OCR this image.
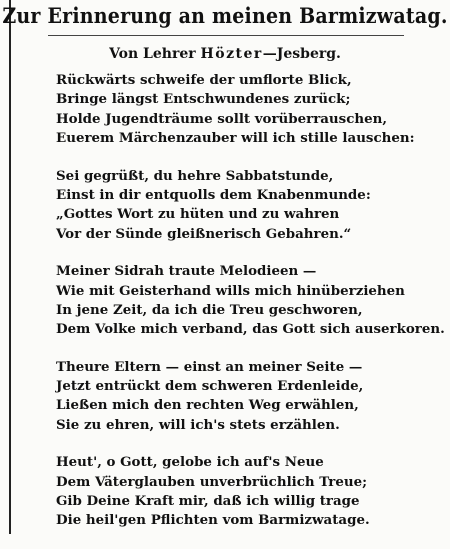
Zur Erinnerung an meinen Barmizwatag.
Von Lehrer Hözter—Jesberg.
Rückwärts schweife der umflorte Blick,
Bringe längst Entschwundenes zurück;
Holde Jugendträume sollt vorüberrauschen,
Euerem Märchenzauber will ich stille lauschen:
Sei gegrüßt, du hehre Sabbatstunde,
Einst in dir entquolls dem Knabenmunde:
„Gottes Wort zu hüten und zu wahren
Vor der Sünde gleißnerisch Gebahren.“
Meiner Sidrah traute Melodieen —
Wie mit Geisterhand wills mich hinüberziehen
In jene Zeit, da ich die Treu geschworen,
Dem Volke mich verband, das Gott sich auserkoren.
Theure Eltern — einst an meiner Seite —
Jetzt entrückt dem schweren Erdenleide,
Ließen mich den rechten Weg erwählen,
Sie zu ehren, will ich's stets erzählen.
Heut', o Gott, gelobe ich auf's Neue
Dem Väterglauben unverbrüchlich Treue;
Gib Deine Kraft mir, daß ich willig trage
Die heil'gen Pflichten vom Barmizwatage.
